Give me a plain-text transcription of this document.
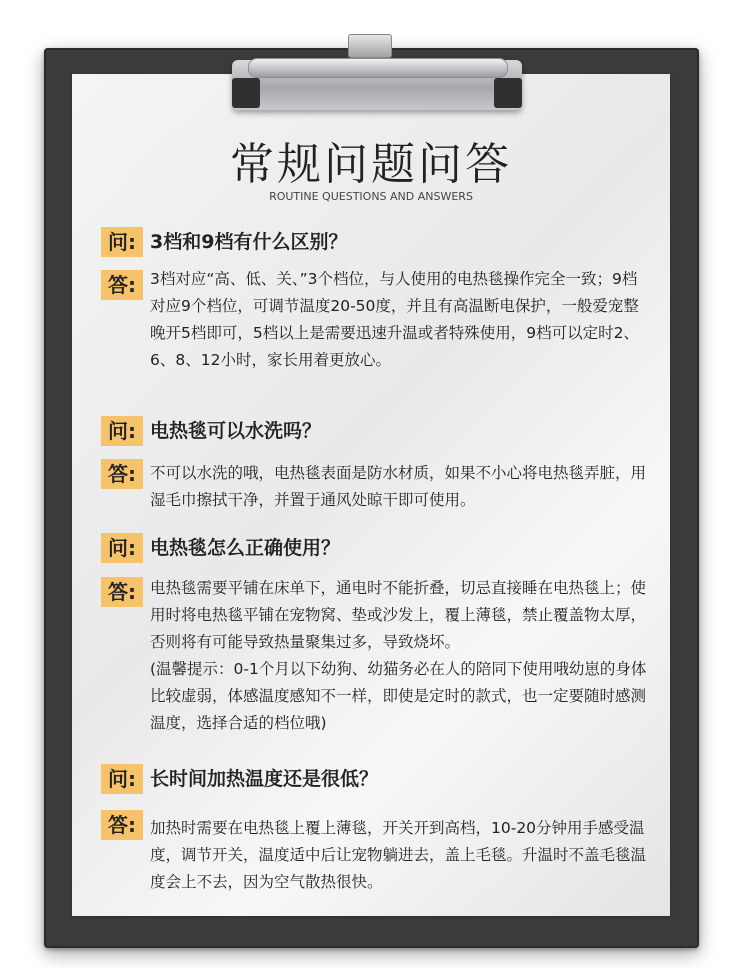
常规问题问答
ROUTINE QUESTIONS AND ANSWERS
问: 3档和9档有什么区别？
答: 3档对应“高、低、关、”3个档位，与人使用的电热毯操作完全一致；9档对应9个档位，可调节温度20-50度，并且有高温断电保护，一般爱宠整晚开5档即可，5档以上是需要迅速升温或者特殊使用，9档可以定时2、6、8、12小时，家长用着更放心。

问: 电热毯可以水洗吗？
答: 不可以水洗的哦，电热毯表面是防水材质，如果不小心将电热毯弄脏，用湿毛巾擦拭干净，并置于通风处晾干即可使用。

问: 电热毯怎么正确使用？
答: 电热毯需要平铺在床单下，通电时不能折叠，切忌直接睡在电热毯上；使用时将电热毯平铺在宠物窝、垫或沙发上，覆上薄毯，禁止覆盖物太厚，否则将有可能导致热量聚集过多，导致烧坏。

(温馨提示：0-1个月以下幼狗、幼猫务必在人的陪同下使用哦幼崽的身体比较虚弱，体感温度感知不一样，即使是定时的款式，也一定要随时感测温度，选择合适的档位哦)

问: 长时间加热温度还是很低？
答: 加热时需要在电热毯上覆上薄毯，开关开到高档，10-20分钟用手感受温度，调节开关，温度适中后让宠物躺进去，盖上毛毯。升温时不盖毛毯温度会上不去，因为空气散热很快。
